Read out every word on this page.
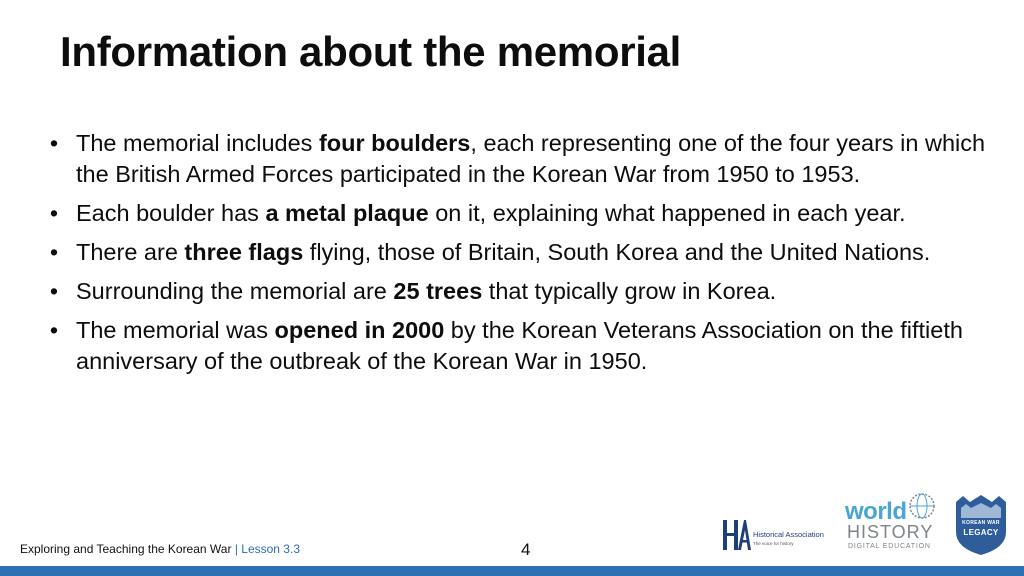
Information about the memorial
• The memorial includes four boulders, each representing one of the four years in which the British Armed Forces participated in the Korean War from 1950 to 1953.
• Each boulder has a metal plaque on it, explaining what happened in each year.
• There are three flags flying, those of Britain, South Korea and the United Nations.
• Surrounding the memorial are 25 trees that typically grow in Korea.
• The memorial was opened in 2000 by the Korean Veterans Association on the fiftieth anniversary of the outbreak of the Korean War in 1950.
Exploring and Teaching the Korean War | Lesson 3.3	4
Historical Association
The voice for history
world
HISTORY
DIGITAL EDUCATION
KOREAN WAR
LEGACY
